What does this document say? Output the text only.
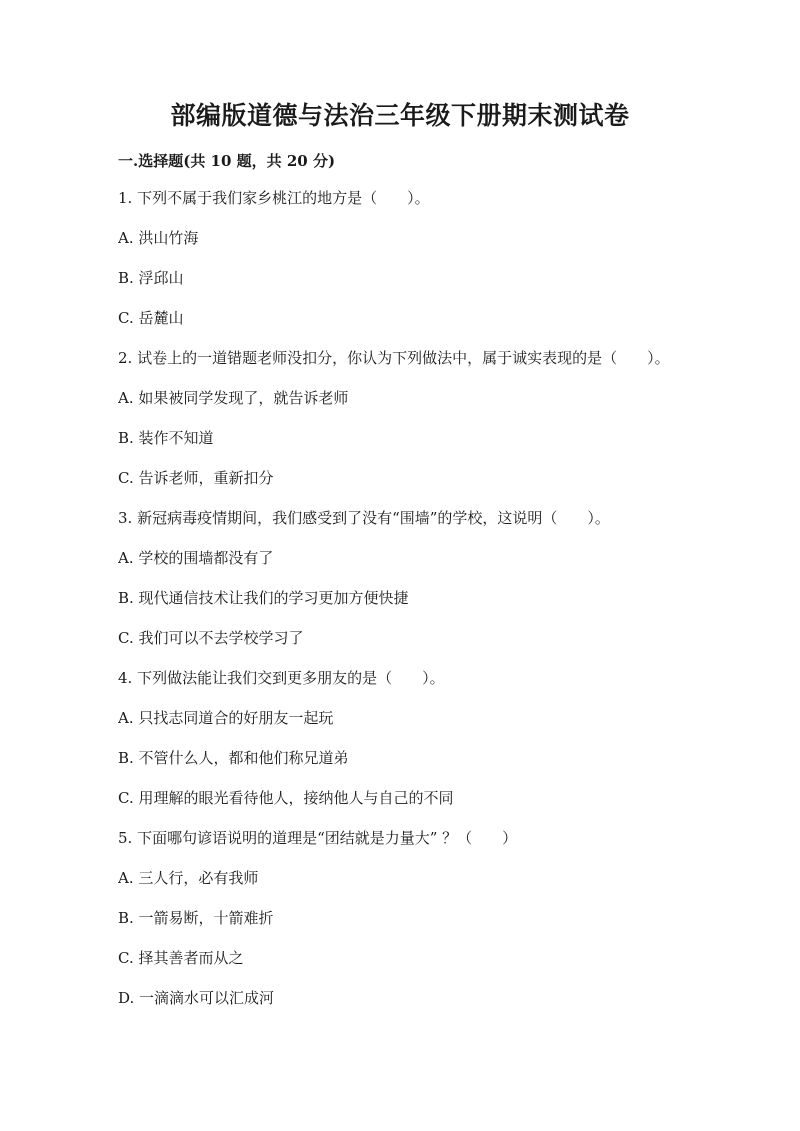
部编版道德与法治三年级下册期末测试卷
一.选择题(共 10 题，共 20 分)
1. 下列不属于我们家乡桃江的地方是（　　）。
A. 洪山竹海
B. 浮邱山
C. 岳麓山
2. 试卷上的一道错题老师没扣分，你认为下列做法中，属于诚实表现的是（　　）。
A. 如果被同学发现了，就告诉老师
B. 装作不知道
C. 告诉老师，重新扣分
3. 新冠病毒疫情期间，我们感受到了没有“围墙”的学校，这说明（　　）。
A. 学校的围墙都没有了
B. 现代通信技术让我们的学习更加方便快捷
C. 我们可以不去学校学习了
4. 下列做法能让我们交到更多朋友的是（　　）。
A. 只找志同道合的好朋友一起玩
B. 不管什么人，都和他们称兄道弟
C. 用理解的眼光看待他人，接纳他人与自己的不同
5. 下面哪句谚语说明的道理是“团结就是力量大” ？（　　）
A. 三人行，必有我师
B. 一箭易断，十箭难折
C. 择其善者而从之
D. 一滴滴水可以汇成河
